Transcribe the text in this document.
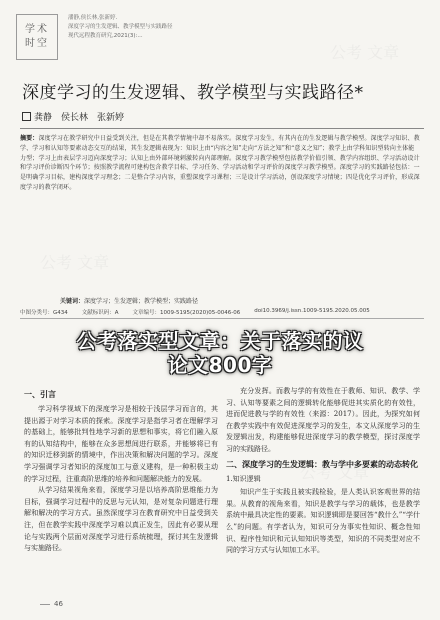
学术
时空
潘静,侯长林,张新婷.
深度学习的生发逻辑、教学模型与实践路径
现代远程教育研究,2021(3):...
深度学习的生发逻辑、教学模型与实践路径*
龚静　侯长林　张新婷
摘要：深度学习在教学研究中日益受到关注，但是在其教学情境中却不易落实。深度学习发生，有其内在的生发逻辑与教学模型。深度学习知识、教学、学习和认知等要素动态交互的结果，其生发逻辑表现为：知识上由“内容之知”走向“方法之知”和“意义之知”；教学上由学科知识型转向主体能力型；学习上由表层学习迈向深度学习；认知上由外部环境刺激转向内部理解。深度学习教学模型包括教学价值引领、教学内容组织、学习活动设计和学习评价诊断四个环节；按照教学流程可建构包含教学目标、学习任务、学习活动和学习评价的深度学习教学模型。深度学习的实践路径包括：一是明确学习目标，建构深度学习理念；二是整合学习内容，重塑深度学习课程；三是设计学习活动，创设深度学习情境；四是优化学习评价，形成深度学习的教学闭环。
关键词：深度学习；生发逻辑；教学模型；实践路径
中图分类号：G434	文献标识码：A	文章编号：1009-5195(2020)05-0046-06	doi10.3969/j.issn.1009-5195.2020.05.005
公考落实型文章：关于落实的议
论文800字
一、引言

学习科学视域下的深度学习是相较于浅层学习而言的，其提出源于对学习本质的探索。深度学习是指学习者在理解学习的基础上，能够批判性地学习新的思想和事实，将它们融入原有的认知结构中，能够在众多思想间进行联系，并能够将已有的知识迁移到新的情境中，作出决策和解决问题的学习。深度学习强调学习者知识的深度加工与意义建构，是一种积极主动的学习过程，注重高阶思维的培养和问题解决能力的发展。

从学习结果视角来看，深度学习是以培养高阶思维能力为目标，强调学习过程中的反思与元认知，是对复杂问题进行理解和解决的学习方式。虽然深度学习在教育研究中日益受到关注，但在教学实践中深度学习难以真正发生，因此有必要从理论与实践两个层面对深度学习进行系统梳理，探讨其生发逻辑与实施路径。

充分发挥。而教与学的有效性在于教师、知识、教学、学习、认知等要素之间的逻辑转化能够促进其实质化的有效性，进而促进教与学的有效性（来源：2017）。因此，为探究如何在教学实践中有效促进深度学习的发生，本文从深度学习的生发逻辑出发，构建能够促进深度学习的教学模型，探讨深度学习的实践路径。

二、深度学习的生发逻辑：教与学中多要素的动态转化
1.知识逻辑

知识产生于实践且被实践检验，是人类认识客观世界的结果。从教育的视角来看，知识是教学与学习的载体，也是教学系统中最具决定性的要素。知识逻辑即是要回答“教什么”“学什么”的问题。有学者认为，知识可分为事实性知识、概念性知识、程序性知识和元认知知识等类型，知识的不同类型对应不同的学习方式与认知加工水平。

46
公考 文章
公考 文章
公考 文章
